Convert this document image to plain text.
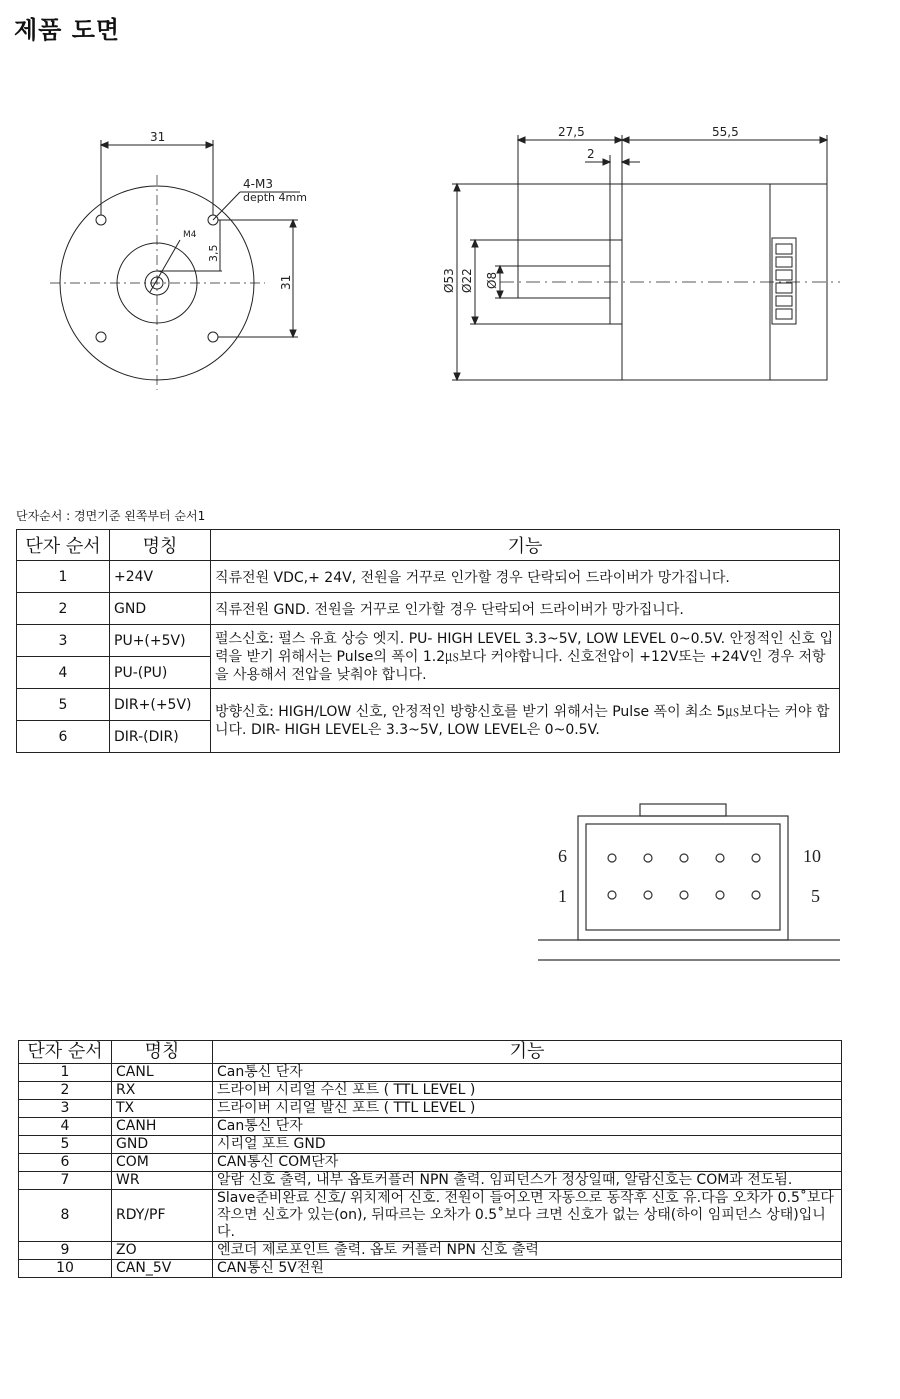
제품 도면
31
31
4-M3
depth 4mm
M4
3,5
27,5	55,5
2
Ø53 Ø22 Ø8
단자순서 : 경면기준 왼쪽부터 순서1
단자 순서	명칭	기능
1	+24V	직류전원 VDC,+ 24V, 전원을 거꾸로 인가할 경우 단락되어 드라이버가 망가집니다.
2	GND	직류전원 GND. 전원을 거꾸로 인가할 경우 단락되어 드라이버가 망가집니다.
3	PU+(+5V)	펄스신호: 펄스 유효 상승 엣지. PU- HIGH LEVEL 3.3~5V, LOW LEVEL 0~0.5V. 안정적인 신호 입력을 받기 위해서는 Pulse의 폭이 1.2㎲보다 커야합니다. 신호전압이 +12V또는 +24V인 경우 저항을 사용해서 전압을 낮춰야 합니다.
4	PU-(PU)	
5	DIR+(+5V)	방향신호: HIGH/LOW 신호, 안정적인 방향신호를 받기 위해서는 Pulse 폭이 최소 5㎲보다는 커야 합니다. DIR- HIGH LEVEL은 3.3~5V, LOW LEVEL은 0~0.5V.
6	DIR-(DIR)	
6	10
1	5
단자 순서	명칭	기능
1	CANL	Can통신 단자
2	RX	드라이버 시리얼 수신 포트 ( TTL LEVEL )
3	TX	드라이버 시리얼 발신 포트 ( TTL LEVEL )
4	CANH	Can통신 단자
5	GND	시리얼 포트 GND
6	COM	CAN통신 COM단자
7	WR	알람 신호 출력, 내부 옵토커플러 NPN 출력. 임피던스가 정상일때, 알람신호는 COM과 전도됨.
8	RDY/PF	Slave준비완료 신호/ 위치제어 신호. 전원이 들어오면 자동으로 동작후 신호 유.다음 오차가 0.5˚보다 작으면 신호가 있는(on), 뒤따르는 오차가 0.5˚보다 크면 신호가 없는 상태(하이 임피던스 상태)입니다.
9	ZO	엔코더 제로포인트 출력. 옵토 커플러 NPN 신호 출력
10	CAN_5V	CAN통신 5V전원
